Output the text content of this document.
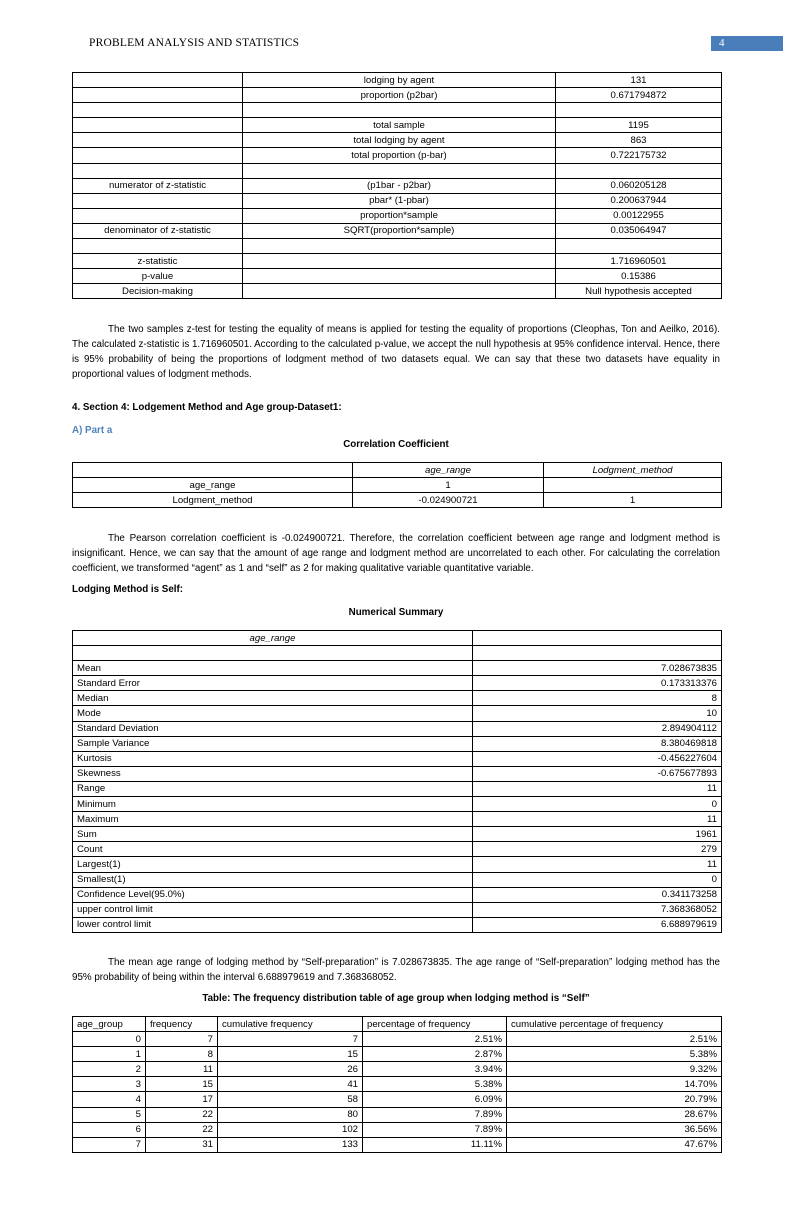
PROBLEM ANALYSIS AND STATISTICS	4
	lodging by agent	131
	proportion (p2bar)	0.671794872

	total sample	1195
	total lodging by agent	863
	total proportion (p-bar)	0.722175732

numerator of z-statistic	(p1bar - p2bar)	0.060205128
	pbar* (1-pbar)	0.200637944
	proportion*sample	0.00122955
denominator of z-statistic	SQRT(proportion*sample)	0.035064947

z-statistic		1.716960501
p-value		0.15386
Decision-making		Null hypothesis accepted
The two samples z-test for testing the equality of means is applied for testing the equality of proportions (Cleophas, Ton and Aeilko, 2016). The calculated z-statistic is 1.716960501. According to the calculated p-value, we accept the null hypothesis at 95% confidence interval. Hence, there is 95% probability of being the proportions of lodgment method of two datasets equal. We can say that these two datasets have equality in proportional values of lodgment methods.
4. Section 4: Lodgement Method and Age group-Dataset1:
A) Part a
Correlation Coefficient
	age_range	Lodgment_method
age_range	1	
Lodgment_method	-0.024900721	1
The Pearson correlation coefficient is -0.024900721. Therefore, the correlation coefficient between age range and lodgment method is insignificant. Hence, we can say that the amount of age range and lodgment method are uncorrelated to each other. For calculating the correlation coefficient, we transformed “agent” as 1 and “self” as 2 for making qualitative variable quantitative variable.
Lodging Method is Self:
Numerical Summary
age_range	

Mean	7.028673835
Standard Error	0.173313376
Median	8
Mode	10
Standard Deviation	2.894904112
Sample Variance	8.380469818
Kurtosis	-0.456227604
Skewness	-0.675677893
Range	11
Minimum	0
Maximum	11
Sum	1961
Count	279
Largest(1)	11
Smallest(1)	0
Confidence Level(95.0%)	0.341173258
upper control limit	7.368368052
lower control limit	6.688979619
The mean age range of lodging method by “Self-preparation” is 7.028673835. The age range of “Self-preparation” lodging method has the 95% probability of being within the interval 6.688979619 and 7.368368052.
Table: The frequency distribution table of age group when lodging method is “Self”
age_group	frequency	cumulative frequency	percentage of frequency	cumulative percentage of frequency
0	7	7	2.51%	2.51%
1	8	15	2.87%	5.38%
2	11	26	3.94%	9.32%
3	15	41	5.38%	14.70%
4	17	58	6.09%	20.79%
5	22	80	7.89%	28.67%
6	22	102	7.89%	36.56%
7	31	133	11.11%	47.67%
